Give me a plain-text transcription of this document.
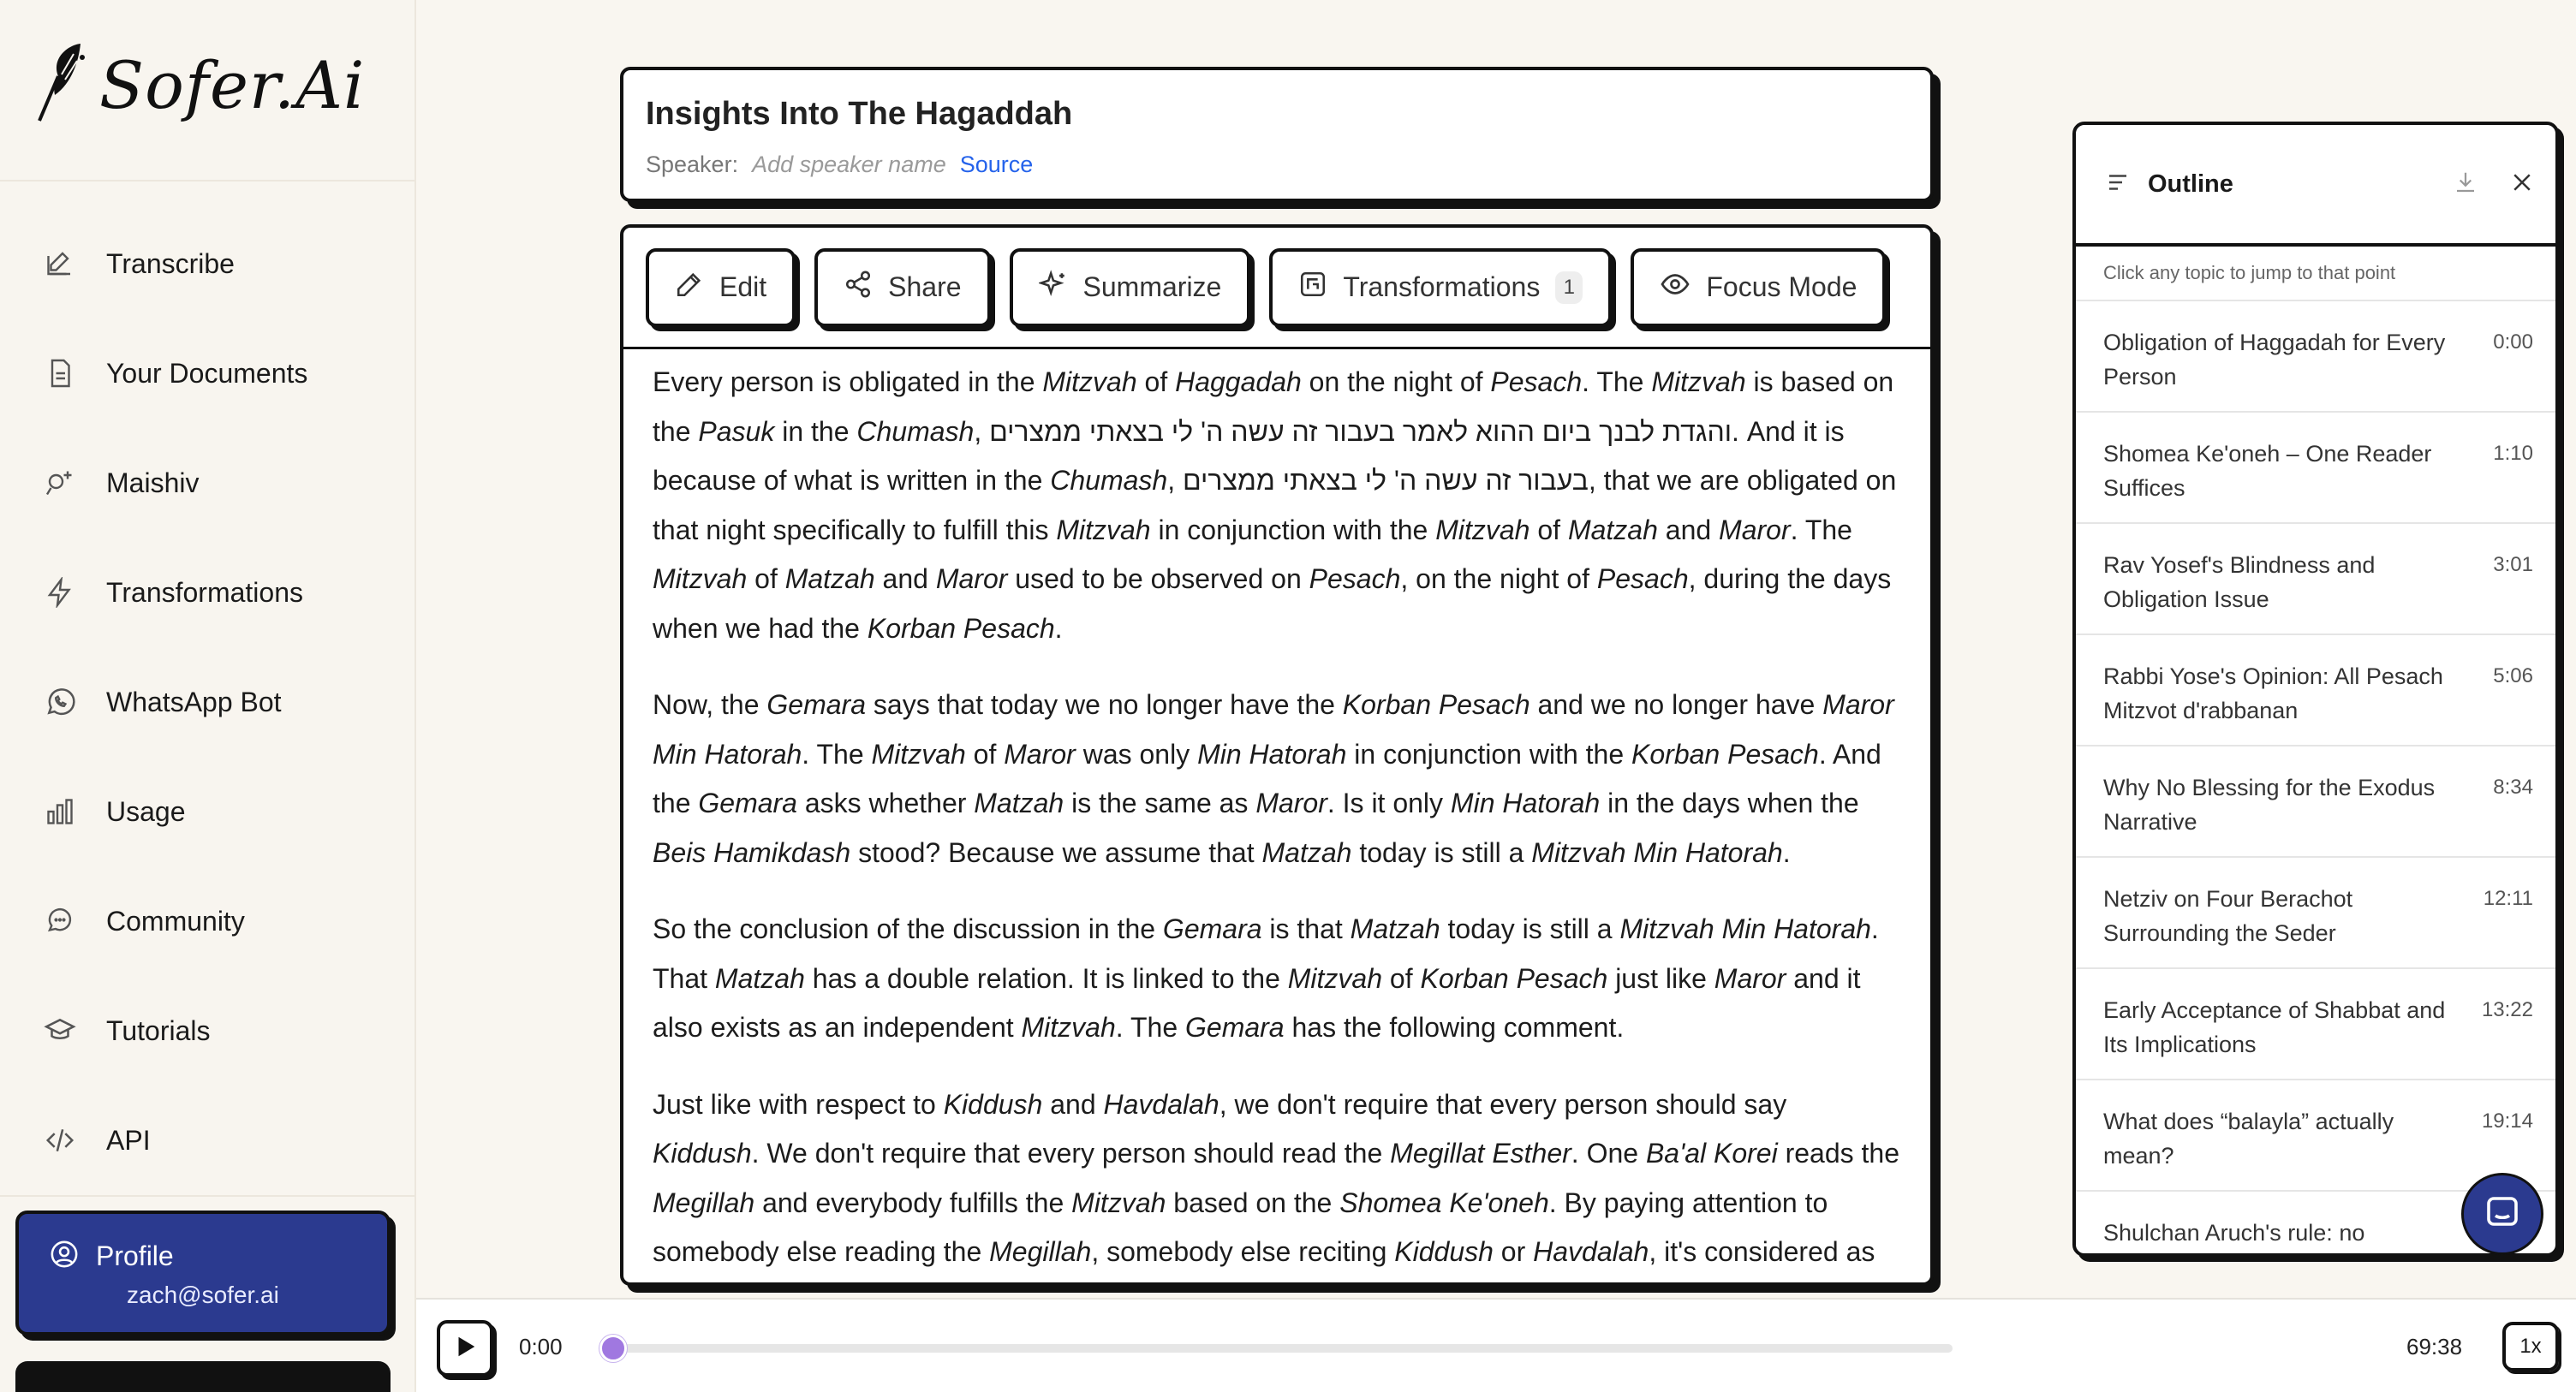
Sofer.Ai
Transcribe
Your Documents
Maishiv
Transformations
WhatsApp Bot
Usage
Community
Tutorials
API
Profile
zach@sofer.ai
Insights Into The Hagaddah
Speaker: Add speaker name Source
Edit	Share	Summarize	Transformations	1	Focus Mode

Every person is obligated in the Mitzvah of Haggadah on the night of Pesach. The Mitzvah is based on the Pasuk in the Chumash, והגדת לבנך ביום ההוא לאמר בעבור זה עשה ה' לי בצאתי ממצרים. And it is because of what is written in the Chumash, בעבור זה עשה ה' לי בצאתי ממצרים, that we are obligated on that night specifically to fulfill this Mitzvah in conjunction with the Mitzvah of Matzah and Maror. The Mitzvah of Matzah and Maror used to be observed on Pesach, on the night of Pesach, during the days when we had the Korban Pesach.

Now, the Gemara says that today we no longer have the Korban Pesach and we no longer have Maror Min Hatorah. The Mitzvah of Maror was only Min Hatorah in conjunction with the Korban Pesach. And the Gemara asks whether Matzah is the same as Maror. Is it only Min Hatorah in the days when the Beis Hamikdash stood? Because we assume that Matzah today is still a Mitzvah Min Hatorah.

So the conclusion of the discussion in the Gemara is that Matzah today is still a Mitzvah Min Hatorah. That Matzah has a double relation. It is linked to the Mitzvah of Korban Pesach just like Maror and it also exists as an independent Mitzvah. The Gemara has the following comment.

Just like with respect to Kiddush and Havdalah, we don't require that every person should say Kiddush. We don't require that every person should read the Megillat Esther. One Ba'al Korei reads the Megillah and everybody fulfills the Mitzvah based on the Shomea Ke'oneh. By paying attention to somebody else reading the Megillah, somebody else reciting Kiddush or Havdalah, it's considered as

Outline
Click any topic to jump to that point
Obligation of Haggadah for Every Person
0:00
Shomea Ke'oneh – One Reader Suffices
1:10
Rav Yosef's Blindness and Obligation Issue
3:01
Rabbi Yose's Opinion: All Pesach Mitzvot d'rabbanan
5:06
Why No Blessing for the Exodus Narrative
8:34
Netziv on Four Berachot Surrounding the Seder
12:11
Early Acceptance of Shabbat and Its Implications
13:22
What does “balayla” actually mean?
19:14
Shulchan Aruch's rule: no
0:00	69:38	1x
